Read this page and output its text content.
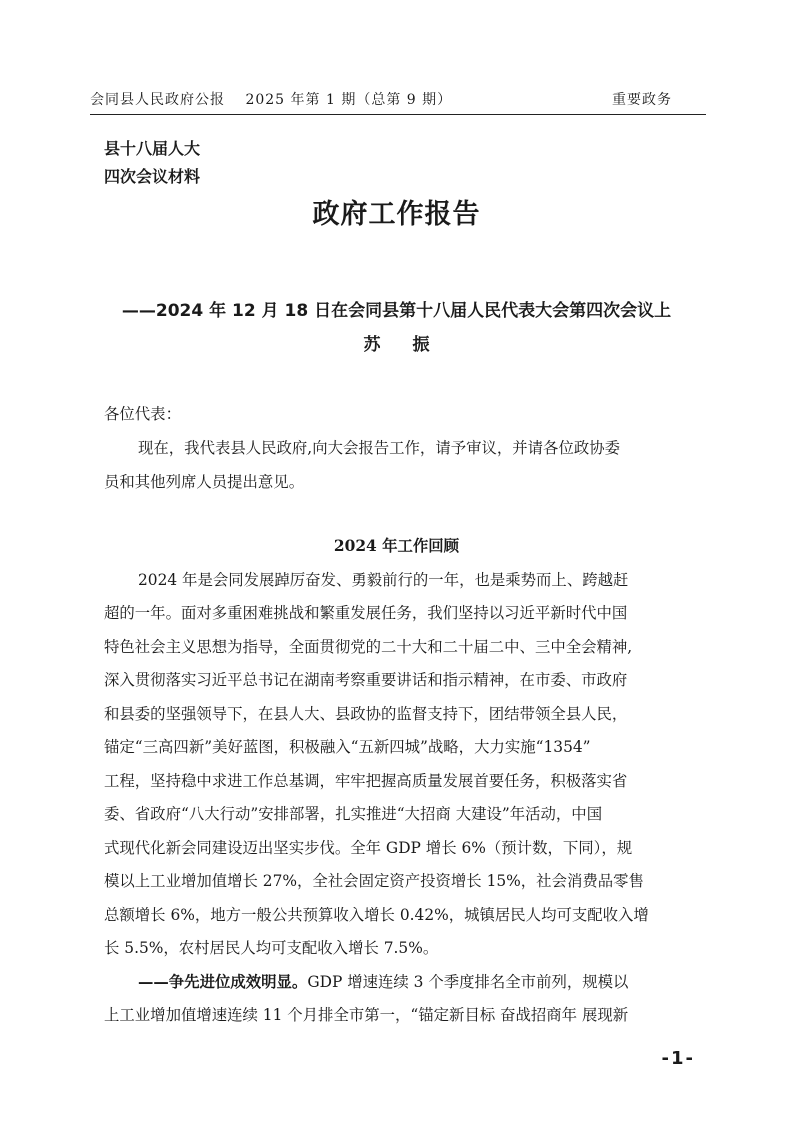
会同县人民政府公报  2025 年第 1 期（总第 9 期）	重要政务
县十八届人大
四次会议材料
政府工作报告
——2024 年 12 月 18 日在会同县第十八届人民代表大会第四次会议上
苏 振
各位代表：
现在，我代表县人民政府,向大会报告工作，请予审议，并请各位政协委
员和其他列席人员提出意见。
2024 年工作回顾
2024 年是会同发展踔厉奋发、勇毅前行的一年，也是乘势而上、跨越赶
超的一年。面对多重困难挑战和繁重发展任务，我们坚持以习近平新时代中国
特色社会主义思想为指导，全面贯彻党的二十大和二十届二中、三中全会精神,
深入贯彻落实习近平总书记在湖南考察重要讲话和指示精神，在市委、市政府
和县委的坚强领导下，在县人大、县政协的监督支持下，团结带领全县人民，
锚定“三高四新”美好蓝图，积极融入“五新四城”战略，大力实施“1354”
工程，坚持稳中求进工作总基调，牢牢把握高质量发展首要任务，积极落实省
委、省政府“八大行动”安排部署，扎实推进“大招商 大建设”年活动，中国
式现代化新会同建设迈出坚实步伐。全年 GDP 增长 6%（预计数，下同），规
模以上工业增加值增长 27%，全社会固定资产投资增长 15%，社会消费品零售
总额增长 6%，地方一般公共预算收入增长 0.42%，城镇居民人均可支配收入增
长 5.5%，农村居民人均可支配收入增长 7.5%。
——争先进位成效明显。GDP 增速连续 3 个季度排名全市前列，规模以
上工业增加值增速连续 11 个月排全市第一，“锚定新目标 奋战招商年 展现新
-1-
